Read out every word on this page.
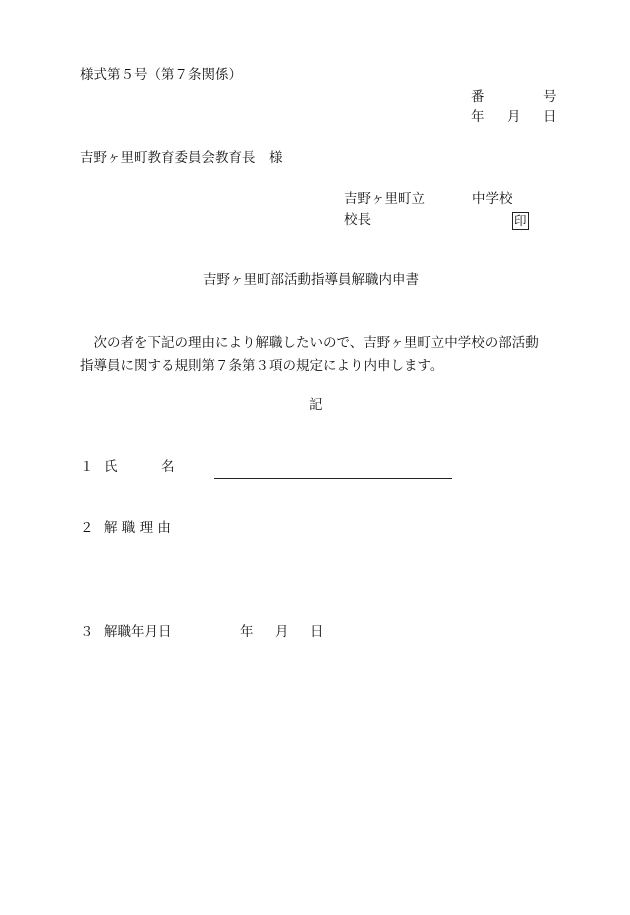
様式第５号（第７条関係）
番	号
年 月 日
吉野ヶ里町教育委員会教育長　様
吉野ヶ里町立	中学校
校長	印
吉野ヶ里町部活動指導員解職内申書
　次の者を下記の理由により解職したいので、吉野ヶ里町立中学校の部活動
指導員に関する規則第７条第３項の規定により内申します。
記
１ 氏	名
２ 解 職 理 由
３ 解職年月日	年 月 日
